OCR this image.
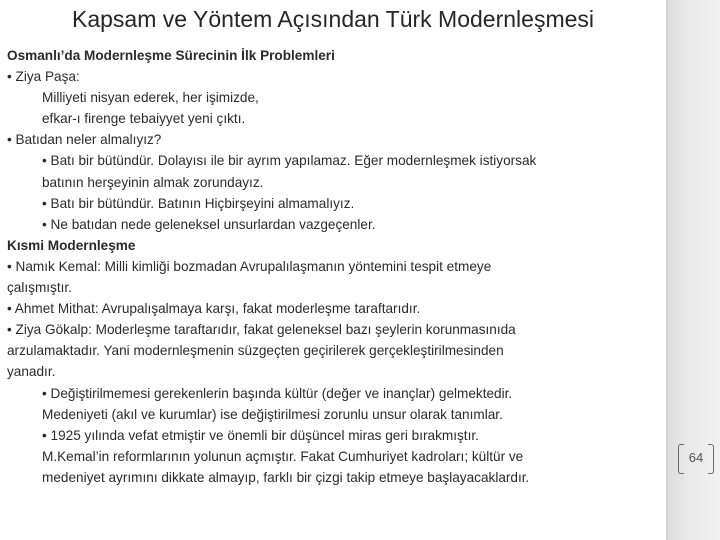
Kapsam ve Yöntem Açısından Türk Modernleşmesi
Osmanlı’da Modernleşme Sürecinin İlk Problemleri
• Ziya Paşa:
Milliyeti nisyan ederek, her işimizde,
efkar-ı firenge tebaiyyet yeni çıktı.
• Batıdan neler almalıyız?
• Batı bir bütündür. Dolayısı ile bir ayrım yapılamaz. Eğer modernleşmek istiyorsak
batının herşeyinin almak zorundayız.
• Batı bir bütündür. Batının Hiçbirşeyini almamalıyız.
• Ne batıdan nede geleneksel unsurlardan vazgeçenler.
Kısmi Modernleşme
• Namık Kemal: Milli kimliği bozmadan Avrupalılaşmanın yöntemini tespit etmeye
çalışmıştır.
• Ahmet Mithat: Avrupalışalmaya karşı, fakat moderleşme taraftarıdır.
• Ziya Gökalp: Moderleşme taraftarıdır, fakat geleneksel bazı şeylerin korunmasınıda
arzulamaktadır. Yani modernleşmenin süzgeçten geçirilerek gerçekleştirilmesinden
yanadır.
• Değiştirilmemesi gerekenlerin başında kültür (değer ve inançlar) gelmektedir.
Medeniyeti (akıl ve kurumlar) ise değiştirilmesi zorunlu unsur olarak tanımlar.
• 1925 yılında vefat etmiştir ve önemli bir düşüncel miras geri bırakmıştır.
M.Kemal’in reformlarının yolunun açmıştır. Fakat Cumhuriyet kadroları; kültür ve
medeniyet ayrımını dikkate almayıp, farklı bir çizgi takip etmeye başlayacaklardır.
64
